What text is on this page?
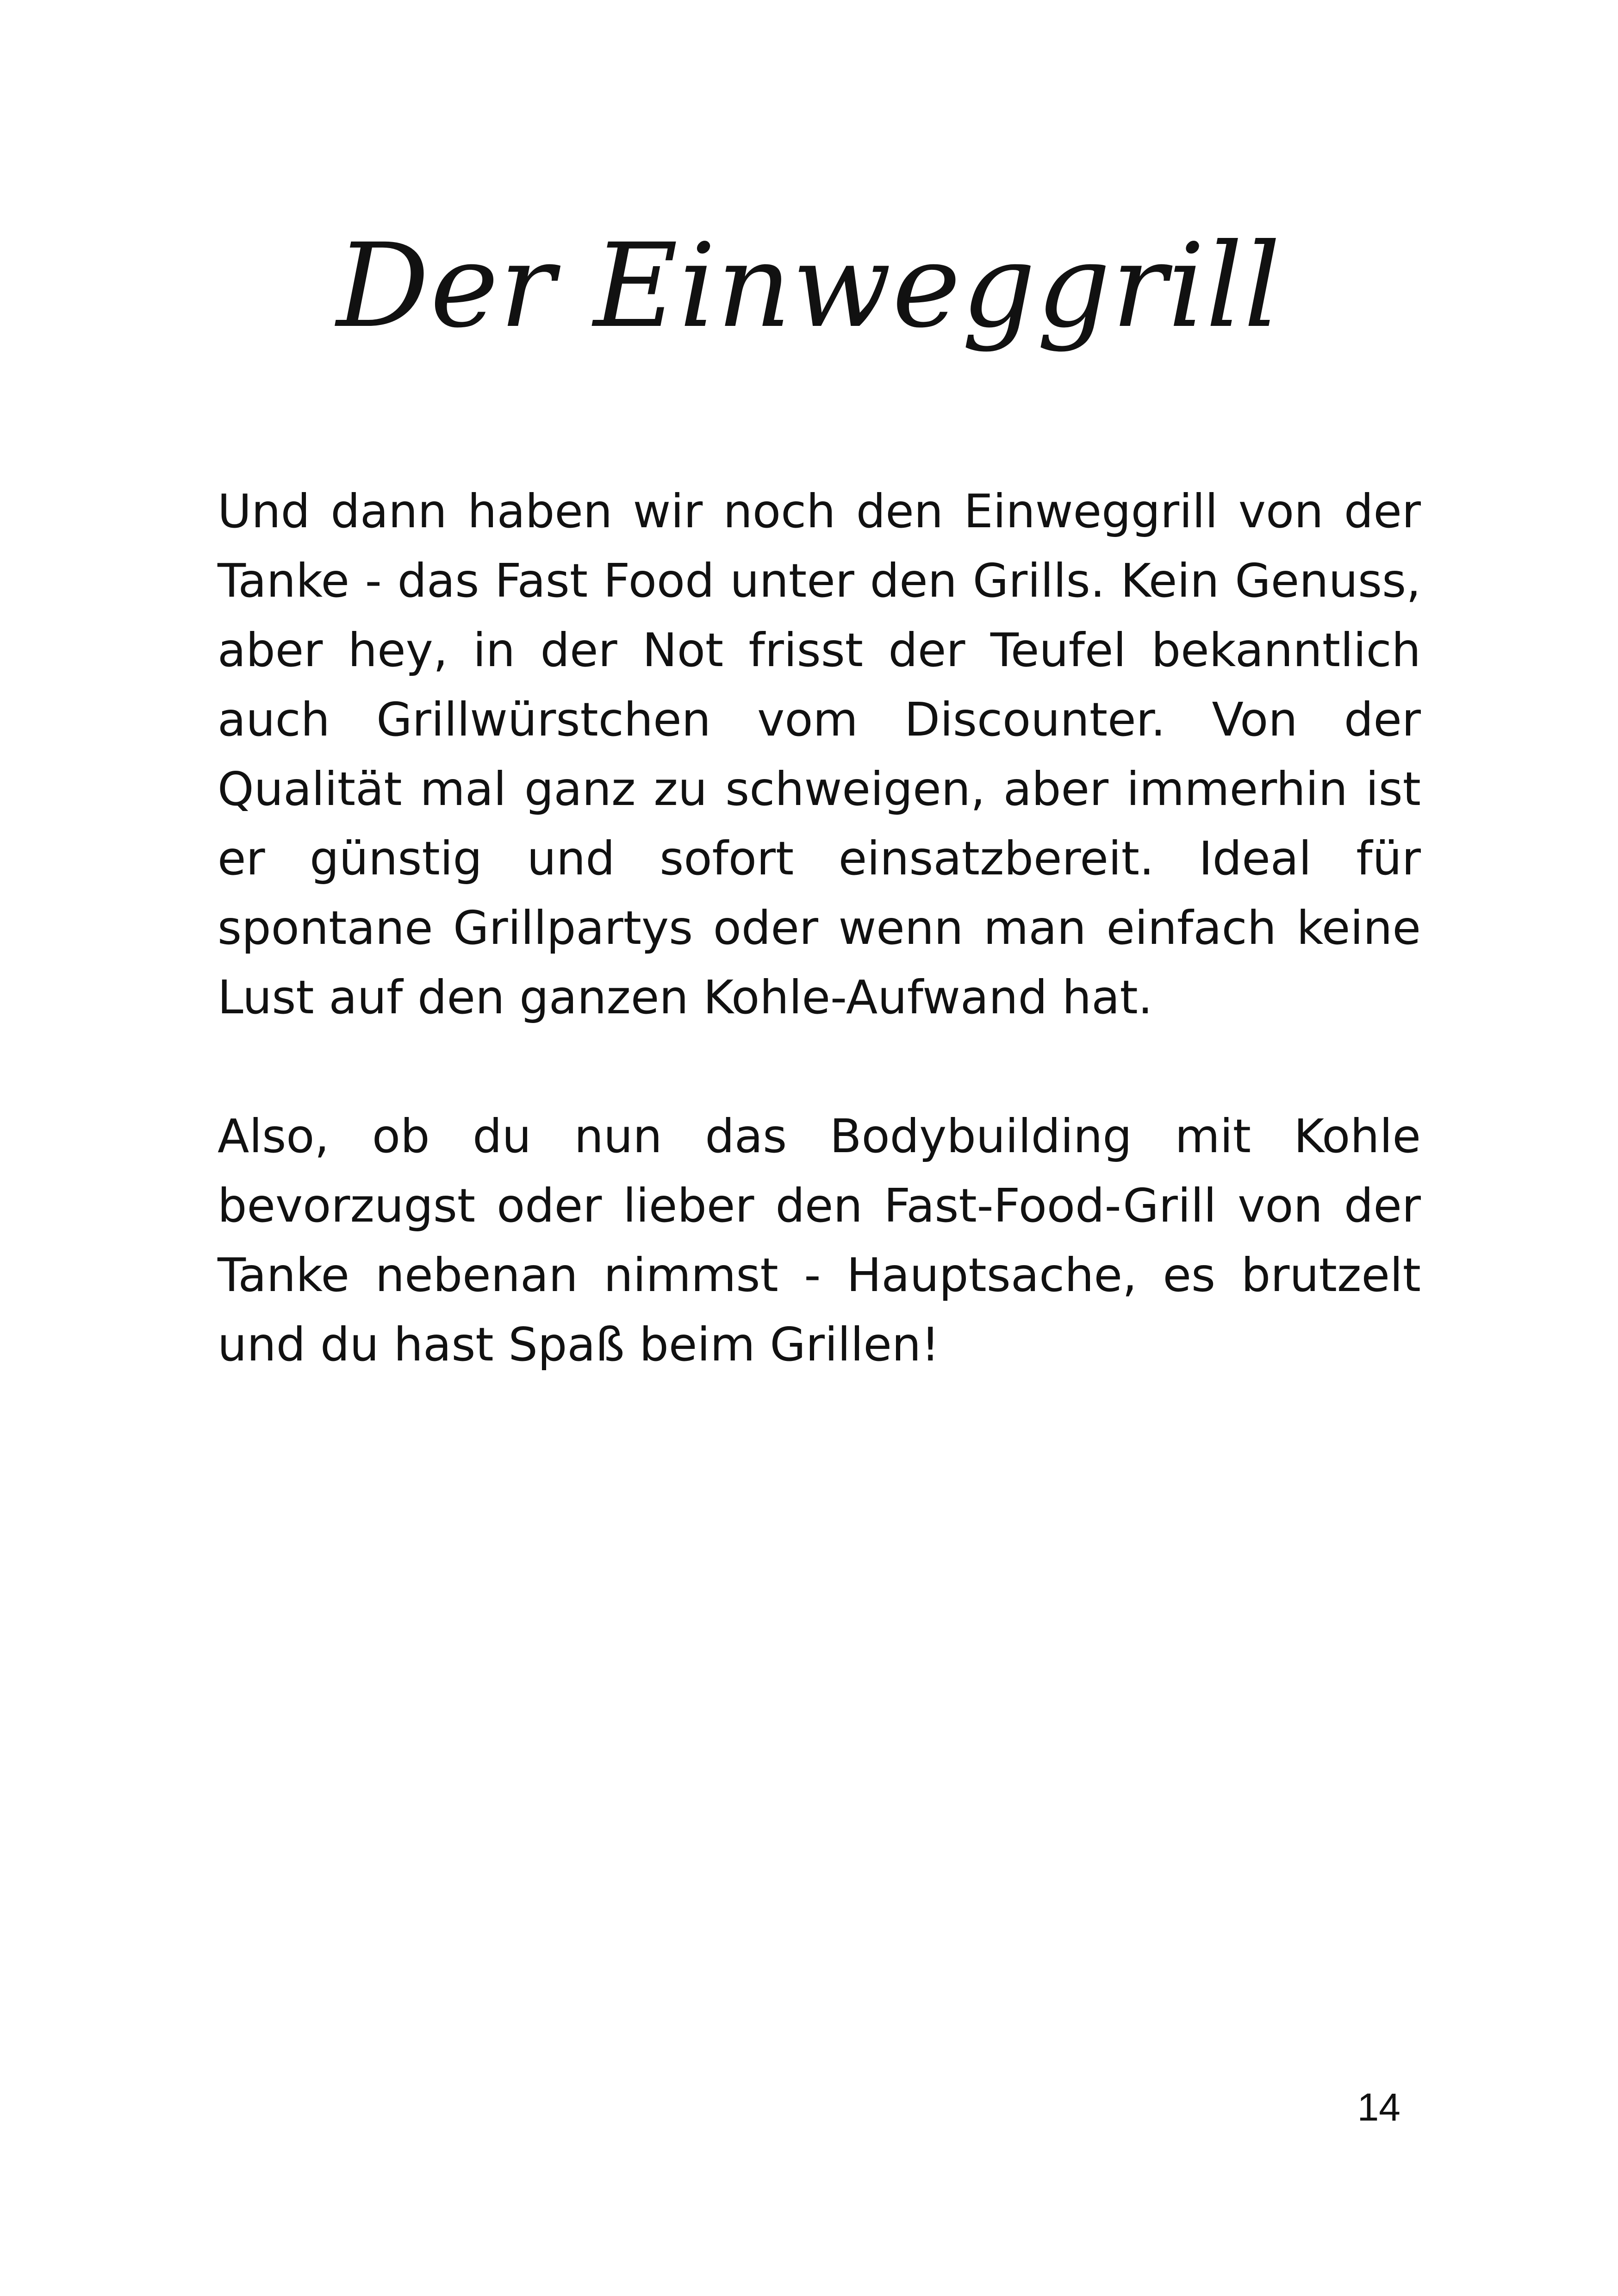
Der Einweggrill

Und dann haben wir noch den Einweggrill von der Tanke - das Fast Food unter den Grills. Kein Genuss, aber hey, in der Not frisst der Teufel bekanntlich auch Grillwürstchen vom Discounter. Von der Qualität mal ganz zu schweigen, aber immerhin ist er günstig und sofort einsatzbereit. Ideal für spontane Grillpartys oder wenn man einfach keine Lust auf den ganzen Kohle-Aufwand hat.

Also, ob du nun das Bodybuilding mit Kohle bevorzugst oder lieber den Fast-Food-Grill von der Tanke nebenan nimmst - Hauptsache, es brutzelt und du hast Spaß beim Grillen!

14
